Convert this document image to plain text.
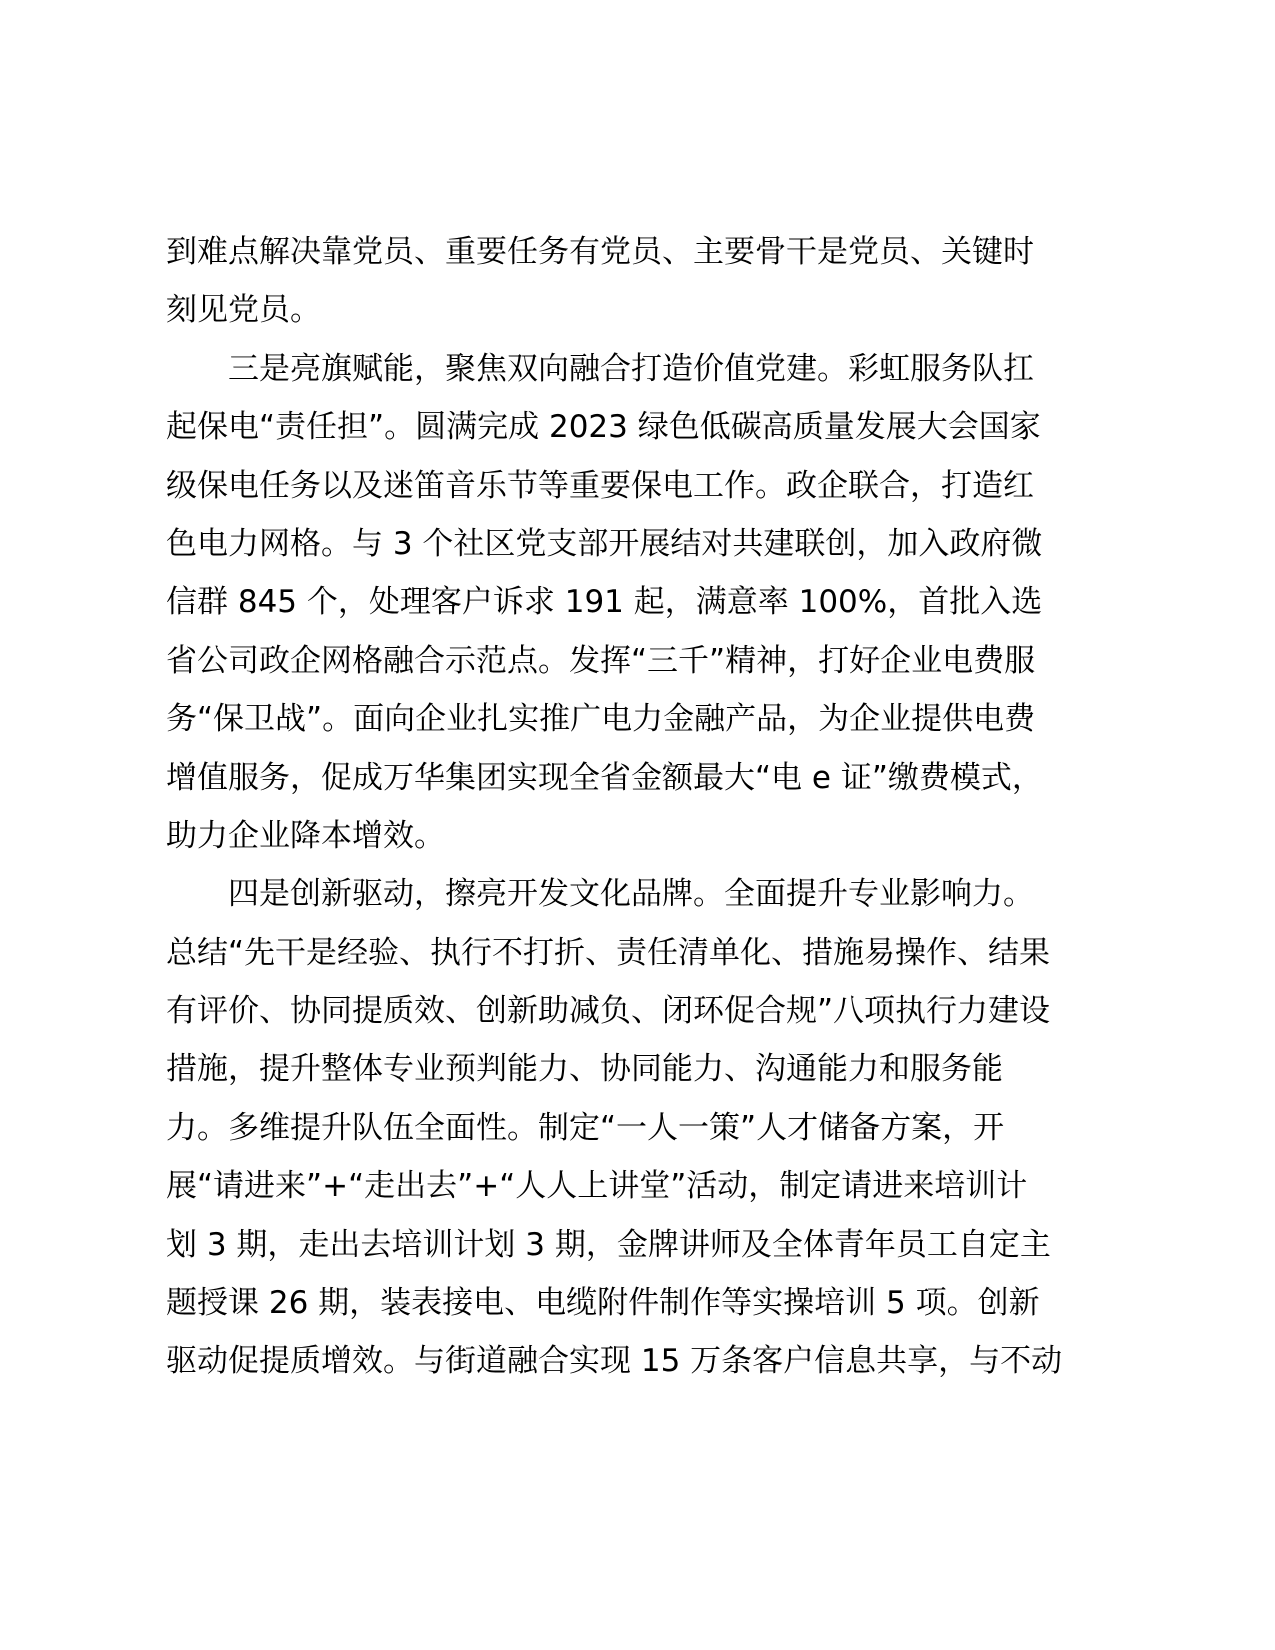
到难点解决靠党员、重要任务有党员、主要骨干是党员、关键时
刻见党员。
三是亮旗赋能，聚焦双向融合打造价值党建。彩虹服务队扛
起保电“责任担”。圆满完成 2023 绿色低碳高质量发展大会国家
级保电任务以及迷笛音乐节等重要保电工作。政企联合，打造红
色电力网格。与 3 个社区党支部开展结对共建联创，加入政府微
信群 845 个，处理客户诉求 191 起，满意率 100%，首批入选
省公司政企网格融合示范点。发挥“三千”精神，打好企业电费服
务“保卫战”。面向企业扎实推广电力金融产品，为企业提供电费
增值服务，促成万华集团实现全省金额最大“电 e 证”缴费模式，
助力企业降本增效。
四是创新驱动，擦亮开发文化品牌。全面提升专业影响力。
总结“先干是经验、执行不打折、责任清单化、措施易操作、结果
有评价、协同提质效、创新助减负、闭环促合规”八项执行力建设
措施，提升整体专业预判能力、协同能力、沟通能力和服务能
力。多维提升队伍全面性。制定“一人一策”人才储备方案，开
展“请进来”+“走出去”+“人人上讲堂”活动，制定请进来培训计
划 3 期，走出去培训计划 3 期，金牌讲师及全体青年员工自定主
题授课 26 期，装表接电、电缆附件制作等实操培训 5 项。创新
驱动促提质增效。与街道融合实现 15 万条客户信息共享，与不动
